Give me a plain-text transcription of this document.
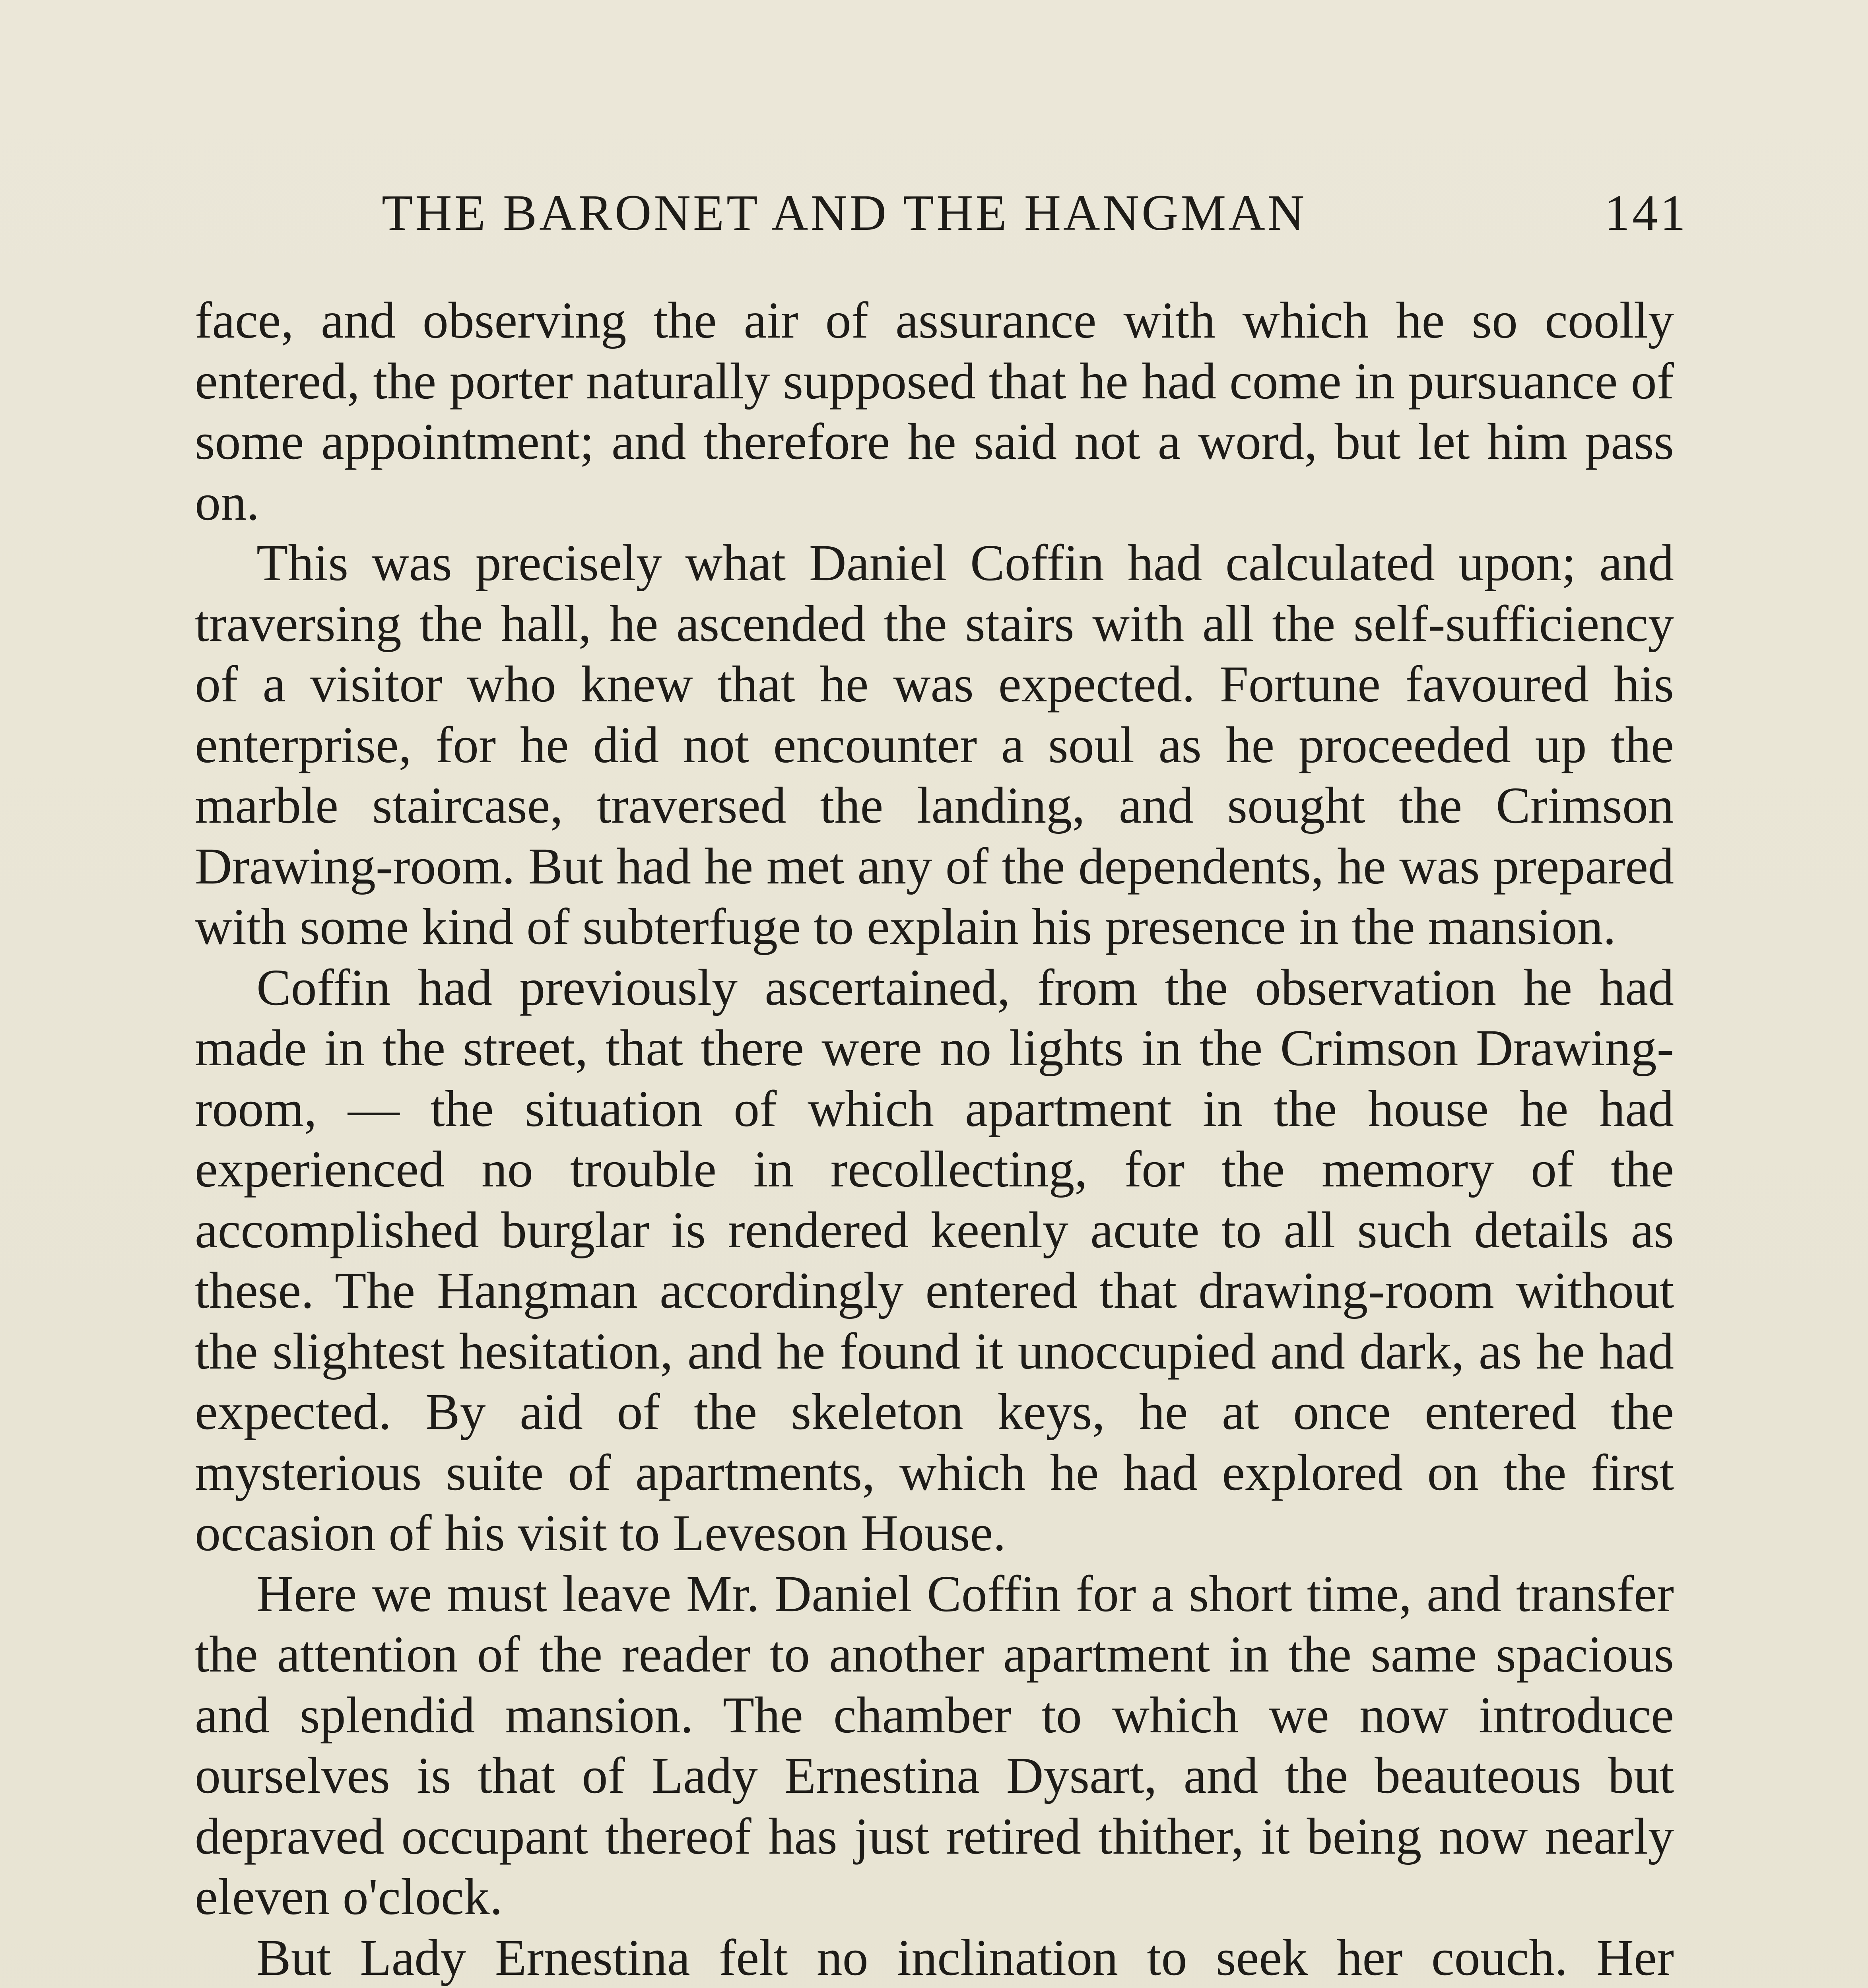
THE BARONET AND THE HANGMAN	141

face, and observing the air of assurance with which he so coolly entered, the porter naturally supposed that he had come in pursuance of some appointment; and therefore he said not a word, but let him pass on.

This was precisely what Daniel Coffin had calculated upon; and traversing the hall, he ascended the stairs with all the self-sufficiency of a visitor who knew that he was expected. Fortune favoured his enterprise, for he did not encounter a soul as he proceeded up the marble staircase, traversed the landing, and sought the Crimson Drawing-room. But had he met any of the dependents, he was prepared with some kind of subterfuge to explain his presence in the mansion.

Coffin had previously ascertained, from the observation he had made in the street, that there were no lights in the Crimson Drawing-room, — the situation of which apartment in the house he had experienced no trouble in recollecting, for the memory of the accomplished burglar is rendered keenly acute to all such details as these. The Hangman accordingly entered that drawing-room without the slightest hesitation, and he found it unoccupied and dark, as he had expected. By aid of the skeleton keys, he at once entered the mysterious suite of apartments, which he had explored on the first occasion of his visit to Leveson House.

Here we must leave Mr. Daniel Coffin for a short time, and transfer the attention of the reader to another apartment in the same spacious and splendid mansion. The chamber to which we now introduce ourselves is that of Lady Ernestina Dysart, and the beauteous but depraved occupant thereof has just retired thither, it being now nearly eleven o'clock.

But Lady Ernestina felt no inclination to seek her couch. Her
